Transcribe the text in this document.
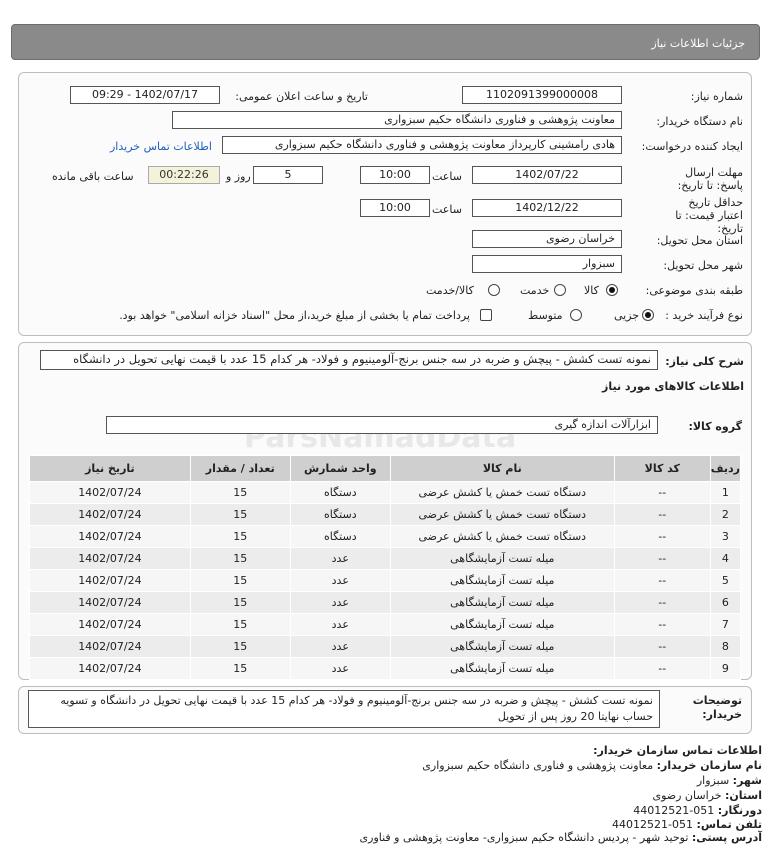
جزئیات اطلاعات نیاز
شماره نیاز:
1102091399000008
تاریخ و ساعت اعلان عمومی:
1402/07/17 - 09:29
نام دستگاه خریدار:
معاونت پژوهشی و فناوری دانشگاه حکیم سبزواری
ایجاد کننده درخواست:
هادی رامشینی کارپرداز معاونت پژوهشی و فناوری دانشگاه حکیم سبزواری
اطلاعات تماس خریدار
مهلت ارسال پاسخ: تا تاریخ:
1402/07/22
ساعت
10:00
5
روز و
00:22:26
ساعت باقی مانده
حداقل تاریخ اعتبار قیمت: تا تاریخ:
1402/12/22
ساعت
10:00
استان محل تحویل:
خراسان رضوی
شهر محل تحویل:
سبزوار
طبقه بندی موضوعی:
کالا
خدمت
کالا/خدمت
نوع فرآیند خرید :
جزیی
متوسط
پرداخت تمام یا بخشی از مبلغ خرید،از محل "اسناد خزانه اسلامی" خواهد بود.
شرح کلی نیاز:
نمونه تست کشش - پیچش و ضربه در سه جنس برنج-آلومینیوم و فولاد- هر کدام 15 عدد با قیمت نهایی تحویل در دانشگاه
اطلاعات کالاهای مورد نیاز
گروه کالا:
ابزارآلات اندازه گیری
ردیف	کد کالا	نام کالا	واحد شمارش	تعداد / مقدار	تاریخ نیاز
1	--	دستگاه تست خمش یا کشش عرضی	دستگاه	15	1402/07/24
2	--	دستگاه تست خمش یا کشش عرضی	دستگاه	15	1402/07/24
3	--	دستگاه تست خمش یا کشش عرضی	دستگاه	15	1402/07/24
4	--	میله تست آزمایشگاهی	عدد	15	1402/07/24
5	--	میله تست آزمایشگاهی	عدد	15	1402/07/24
6	--	میله تست آزمایشگاهی	عدد	15	1402/07/24
7	--	میله تست آزمایشگاهی	عدد	15	1402/07/24
8	--	میله تست آزمایشگاهی	عدد	15	1402/07/24
9	--	میله تست آزمایشگاهی	عدد	15	1402/07/24
توضیحات خریدار:
نمونه تست کشش - پیچش و ضربه در سه جنس برنج-آلومینیوم و فولاد- هر کدام 15 عدد با قیمت نهایی تحویل در دانشگاه و تسویه حساب نهایتا 20 روز پس از تحویل
اطلاعات تماس سازمان خریدار:
نام سازمان خریدار: معاونت پژوهشی و فناوری دانشگاه حکیم سبزواری
شهر: سبزوار
استان: خراسان رضوی
دورنگار: 051-44012521
تلفن تماس: 051-44012521
آدرس پستی: توحید شهر - پردیس دانشگاه حکیم سبزواری- معاونت پژوهشی و فناوری
